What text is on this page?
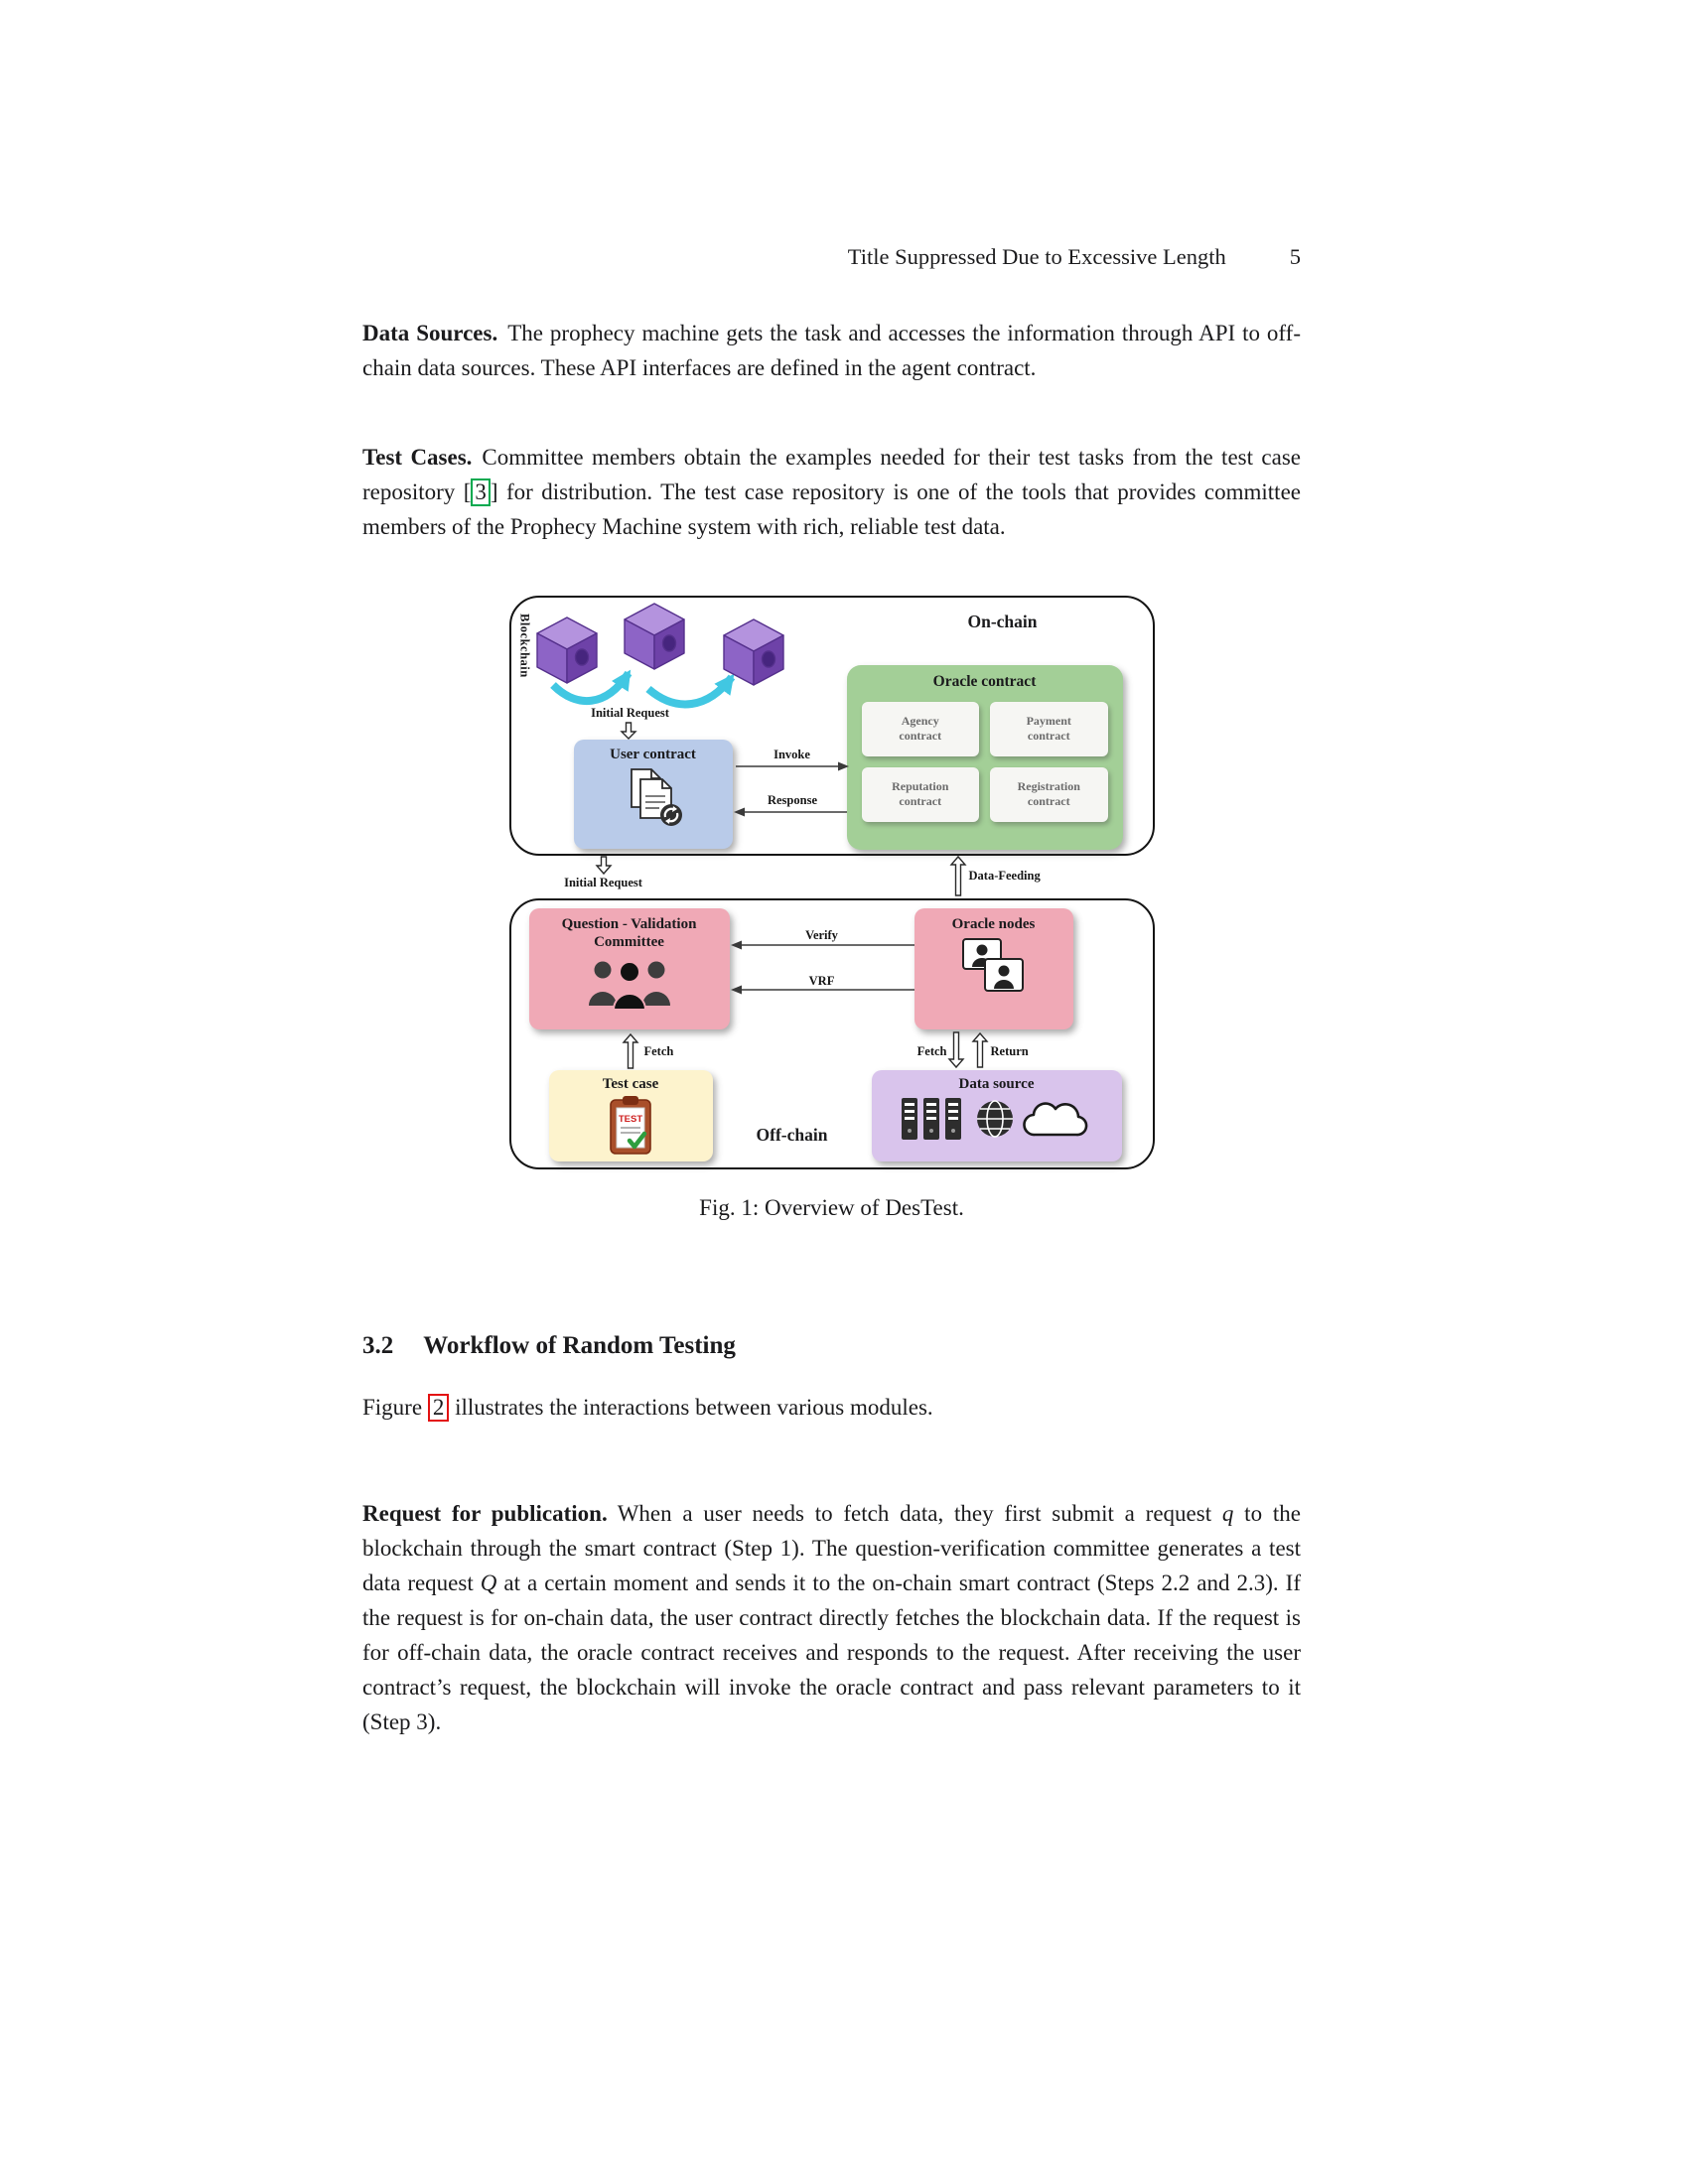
Title Suppressed Due to Excessive Length	5

Data Sources. The prophecy machine gets the task and accesses the information through API to off-chain data sources. These API interfaces are defined in the agent contract.

Test Cases. Committee members obtain the examples needed for their test tasks from the test case repository [ 3 ] for distribution. The test case repository is one of the tools that provides committee members of the Prophecy Machine system with rich, reliable test data.

Blockchain	On-chain
Off-chain
Initial Request
Invoke
Response
Initial Request	Data-Feeding
Verify
VRF
Fetch	Fetch	Return
User contract
Oracle contract
Agency
contract
Payment
contract
Reputation
contract
Registration
contract
Question - Validation
Committee
Oracle nodes
Test case
TEST
Data source
Fig. 1: Overview of DesTest.
3.2 Workflow of Random Testing

Figure 2 illustrates the interactions between various modules.

Request for publication. When a user needs to fetch data, they first submit a request q to the blockchain through the smart contract (Step 1). The question-verification committee generates a test data request Q at a certain moment and sends it to the on-chain smart contract (Steps 2.2 and 2.3). If the request is for on-chain data, the user contract directly fetches the blockchain data. If the request is for off-chain data, the oracle contract receives and responds to the request. After receiving the user contract’s request, the blockchain will invoke the oracle contract and pass relevant parameters to it (Step 3).
